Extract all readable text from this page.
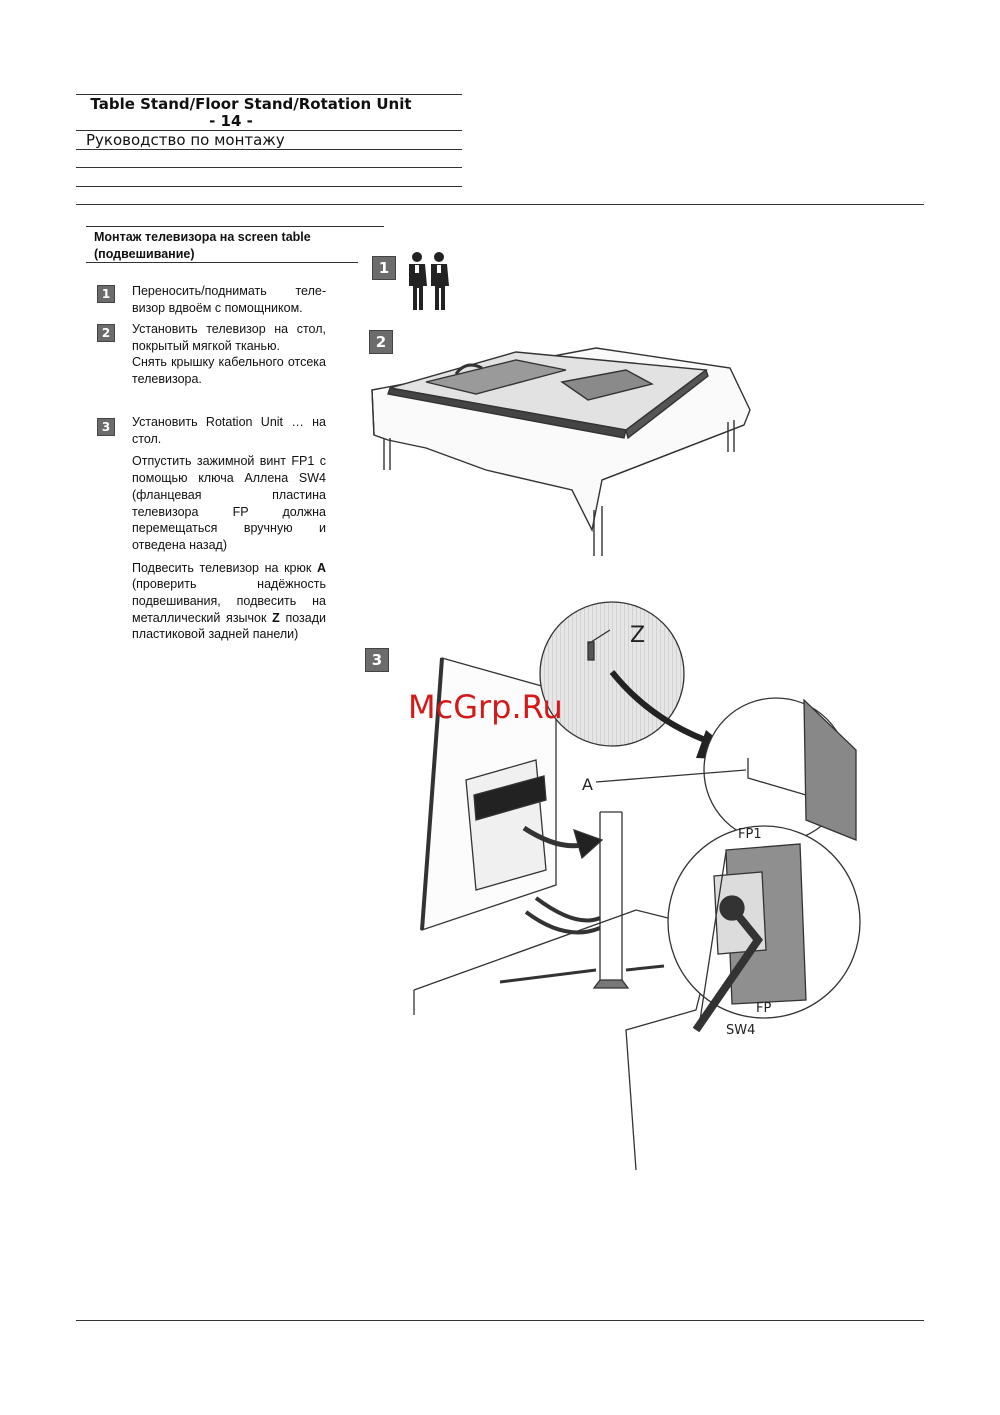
Table Stand/Floor Stand/Rotation Unit
- 14 -
Руководство по монтажу
Монтаж телевизора на screen table (подвешивание)
1	Переносить/поднимать теле-визор вдвоём с помощником.

2	Установить телевизор на стол, покрытый мягкой тканью.

Снять крышку кабельного отсека телевизора.

3	Установить Rotation Unit … на стол.

Отпустить зажимной винт FP1 с помощью ключа Аллена SW4 (фланцевая пластина телевизора FP должна перемещаться вручную и отведена назад)

Подвесить телевизор на крюк A (проверить надёжность подвешивания, подвесить на металлический язычок Z позади пластиковой задней панели)

1
2
3
Z
A
FP1
FP
SW4
McGrp.Ru
